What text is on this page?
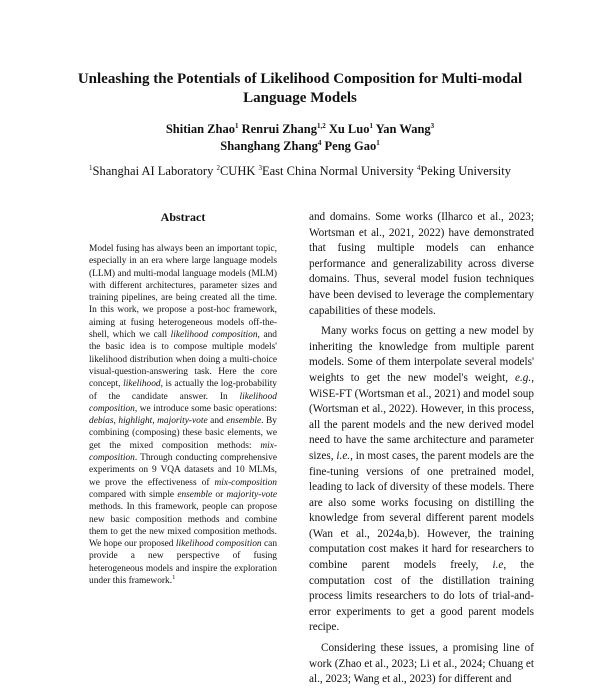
Unleashing the Potentials of Likelihood Composition for Multi-modal Language Models
Shitian Zhao$^1$ Renrui Zhang$^{1,2}$ Xu Luo$^1$ Yan Wang$^3$
Shanghang Zhang$^4$ Peng Gao$^1$
$^1$Shanghai AI Laboratory $^2$CUHK $^3$East China Normal University $^4$Peking University
Abstract

Model fusing has always been an important topic, especially in an era where large language models (LLM) and multi-modal language models (MLM) with different architectures, parameter sizes and training pipelines, are being created all the time. In this work, we propose a post-hoc framework, aiming at fusing heterogeneous models off-the-shell, which we call likelihood composition, and the basic idea is to compose multiple models' likelihood distribution when doing a multi-choice visual-question-answering task. Here the core concept, likelihood, is actually the log-probability of the candidate answer. In likelihood composition, we introduce some basic operations: debias, highlight, majority-vote and ensemble. By combining (composing) these basic elements, we get the mixed composition methods: mix-composition. Through conducting comprehensive experiments on 9 VQA datasets and 10 MLMs, we prove the effectiveness of mix-composition compared with simple ensemble or majority-vote methods. In this framework, people can propose new basic composition methods and combine them to get the new mixed composition methods. We hope our proposed likelihood composition can provide a new perspective of fusing heterogeneous models and inspire the exploration under this framework.$^1$

and domains. Some works (Ilharco et al., 2023; Wortsman et al., 2021, 2022) have demonstrated that fusing multiple models can enhance performance and generalizability across diverse domains. Thus, several model fusion techniques have been devised to leverage the complementary capabilities of these models.

Many works focus on getting a new model by inheriting the knowledge from multiple parent models. Some of them interpolate several models' weights to get the new model's weight, e.g., WiSE-FT (Wortsman et al., 2021) and model soup (Wortsman et al., 2022). However, in this process, all the parent models and the new derived model need to have the same architecture and parameter sizes, i.e., in most cases, the parent models are the fine-tuning versions of one pretrained model, leading to lack of diversity of these models. There are also some works focusing on distilling the knowledge from several different parent models (Wan et al., 2024a,b). However, the training computation cost makes it hard for researchers to combine parent models freely, i.e, the computation cost of the distillation training process limits researchers to do lots of trial-and-error experiments to get a good parent models recipe.

Considering these issues, a promising line of work (Zhao et al., 2023; Li et al., 2024; Chuang et al., 2023; Wang et al., 2023) for different and
